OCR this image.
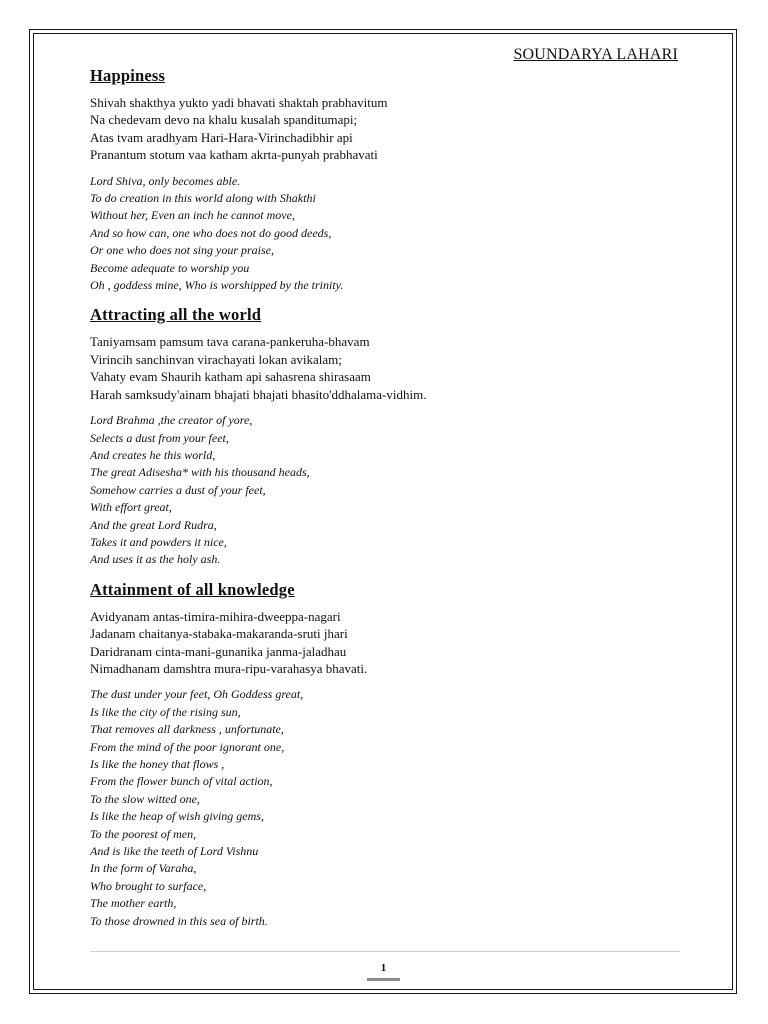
SOUNDARYA LAHARI
Happiness
Shivah shakthya yukto yadi bhavati shaktah prabhavitum
Na chedevam devo na khalu kusalah spanditumapi;
Atas tvam aradhyam Hari-Hara-Virinchadibhir api
Pranantum stotum vaa katham akrta-punyah prabhavati
Lord Shiva, only becomes able.
To do creation in this world along with Shakthi
Without her, Even an inch he cannot move,
And so how can, one who does not do good deeds,
Or one who does not sing your praise,
Become adequate to worship you
Oh , goddess mine, Who is worshipped by the trinity.
Attracting all the world
Taniyamsam pamsum tava carana-pankeruha-bhavam
Virincih sanchinvan virachayati lokan avikalam;
Vahaty evam Shaurih katham api sahasrena shirasaam
Harah samksudy'ainam bhajati bhajati bhasito'ddhalama-vidhim.
Lord Brahma ,the creator of yore,
Selects a dust from your feet,
And creates he this world,
The great Adisesha* with his thousand heads,
Somehow carries a dust of your feet,
With effort great,
And the great Lord Rudra,
Takes it and powders it nice,
And uses it as the holy ash.
Attainment of all knowledge
Avidyanam antas-timira-mihira-dweeppa-nagari
Jadanam chaitanya-stabaka-makaranda-sruti jhari
Daridranam cinta-mani-gunanika janma-jaladhau
Nimadhanam damshtra mura-ripu-varahasya bhavati.
The dust under your feet, Oh Goddess great,
Is like the city of the rising sun,
That removes all darkness , unfortunate,
From the mind of the poor ignorant one,
Is like the honey that flows ,
From the flower bunch of vital action,
To the slow witted one,
Is like the heap of wish giving gems,
To the poorest of men,
And is like the teeth of Lord Vishnu
In the form of Varaha,
Who brought to surface,
The mother earth,
To those drowned in this sea of birth.
1
